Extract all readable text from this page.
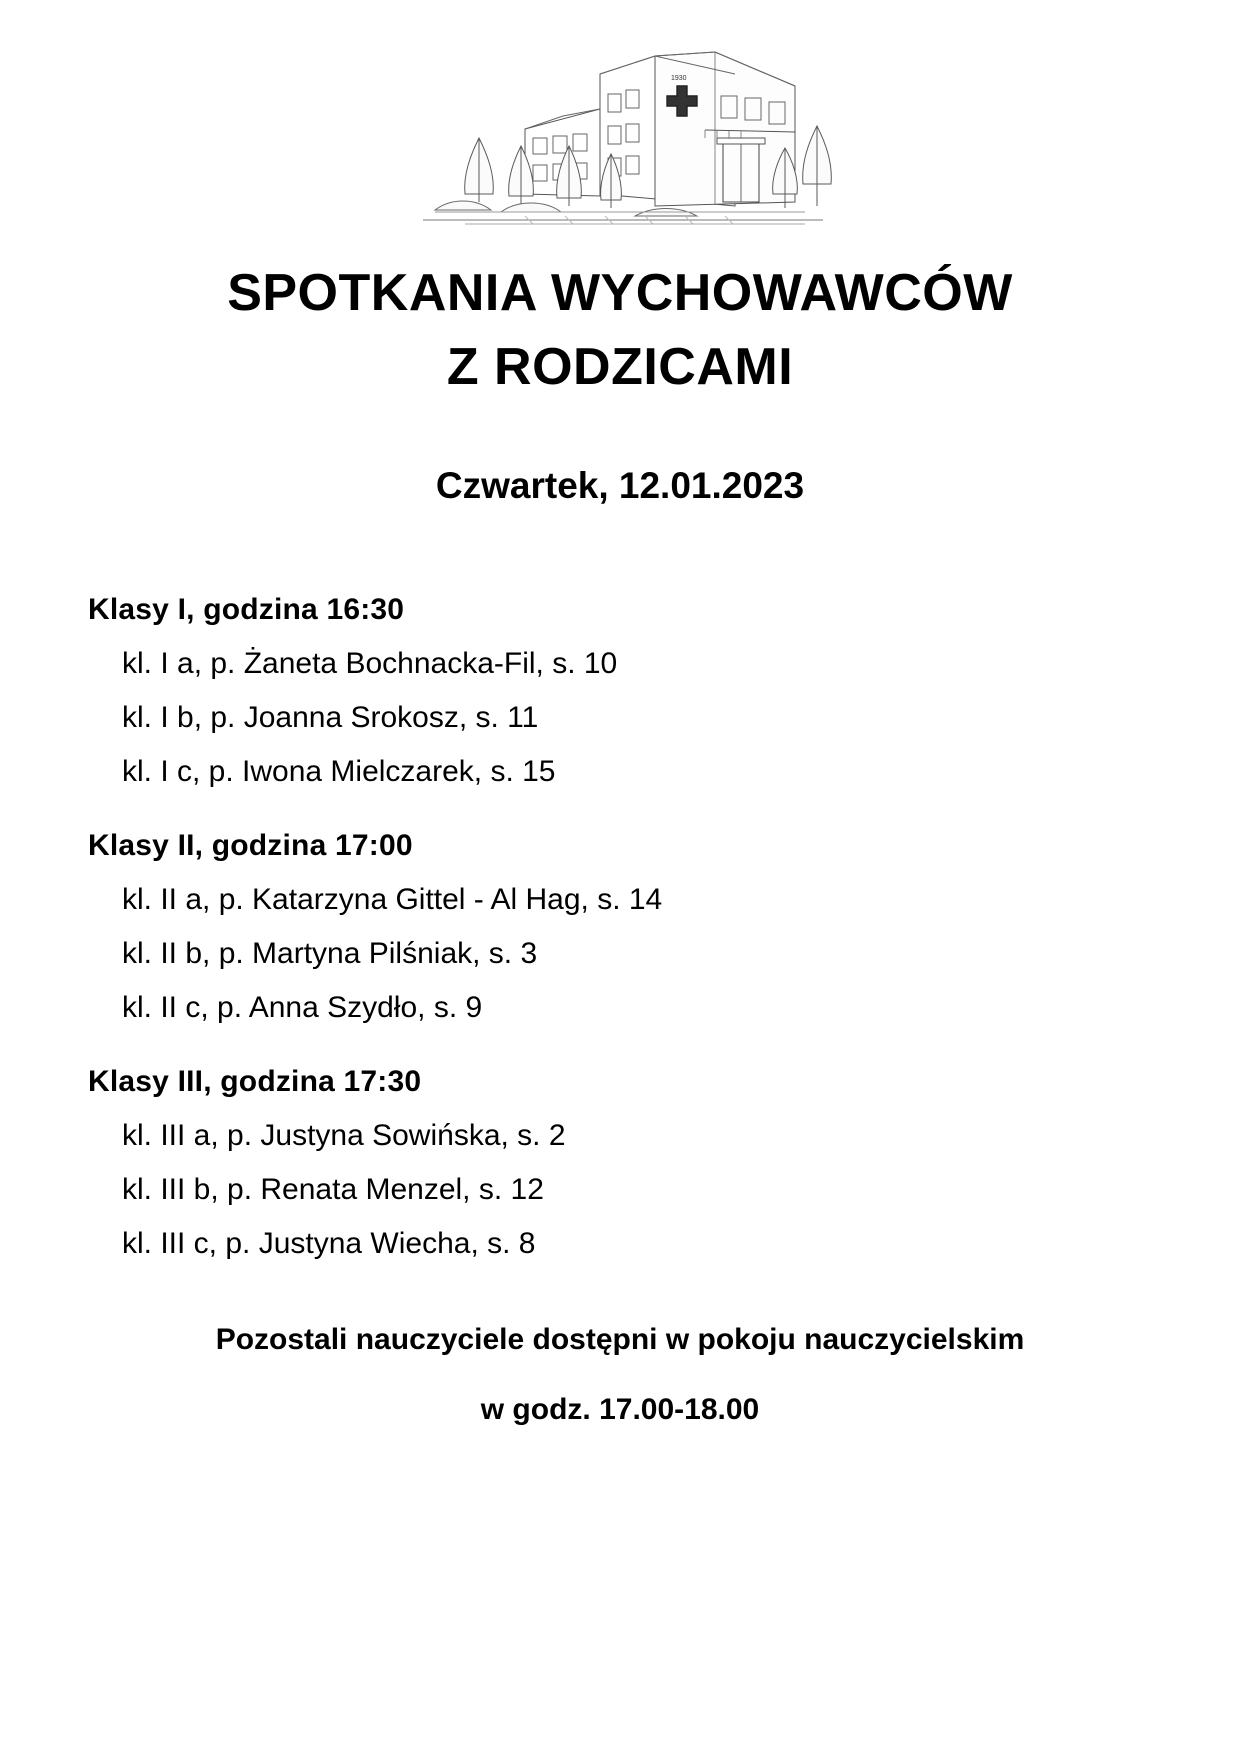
1930
SPOTKANIA WYCHOWAWCÓW
Z RODZICAMI
Czwartek, 12.01.2023
Klasy I, godzina 16:30
kl. I a, p. Żaneta Bochnacka-Fil, s. 10
kl. I b, p. Joanna Srokosz, s. 11
kl. I c, p. Iwona Mielczarek, s. 15
Klasy II, godzina 17:00
kl. II a, p. Katarzyna Gittel - Al Hag, s. 14
kl. II b, p. Martyna Pilśniak, s. 3
kl. II c, p. Anna Szydło, s. 9
Klasy III, godzina 17:30
kl. III a, p. Justyna Sowińska, s. 2
kl. III b, p. Renata Menzel, s. 12
kl. III c, p. Justyna Wiecha, s. 8
Pozostali nauczyciele dostępni w pokoju nauczycielskim
w godz. 17.00-18.00
